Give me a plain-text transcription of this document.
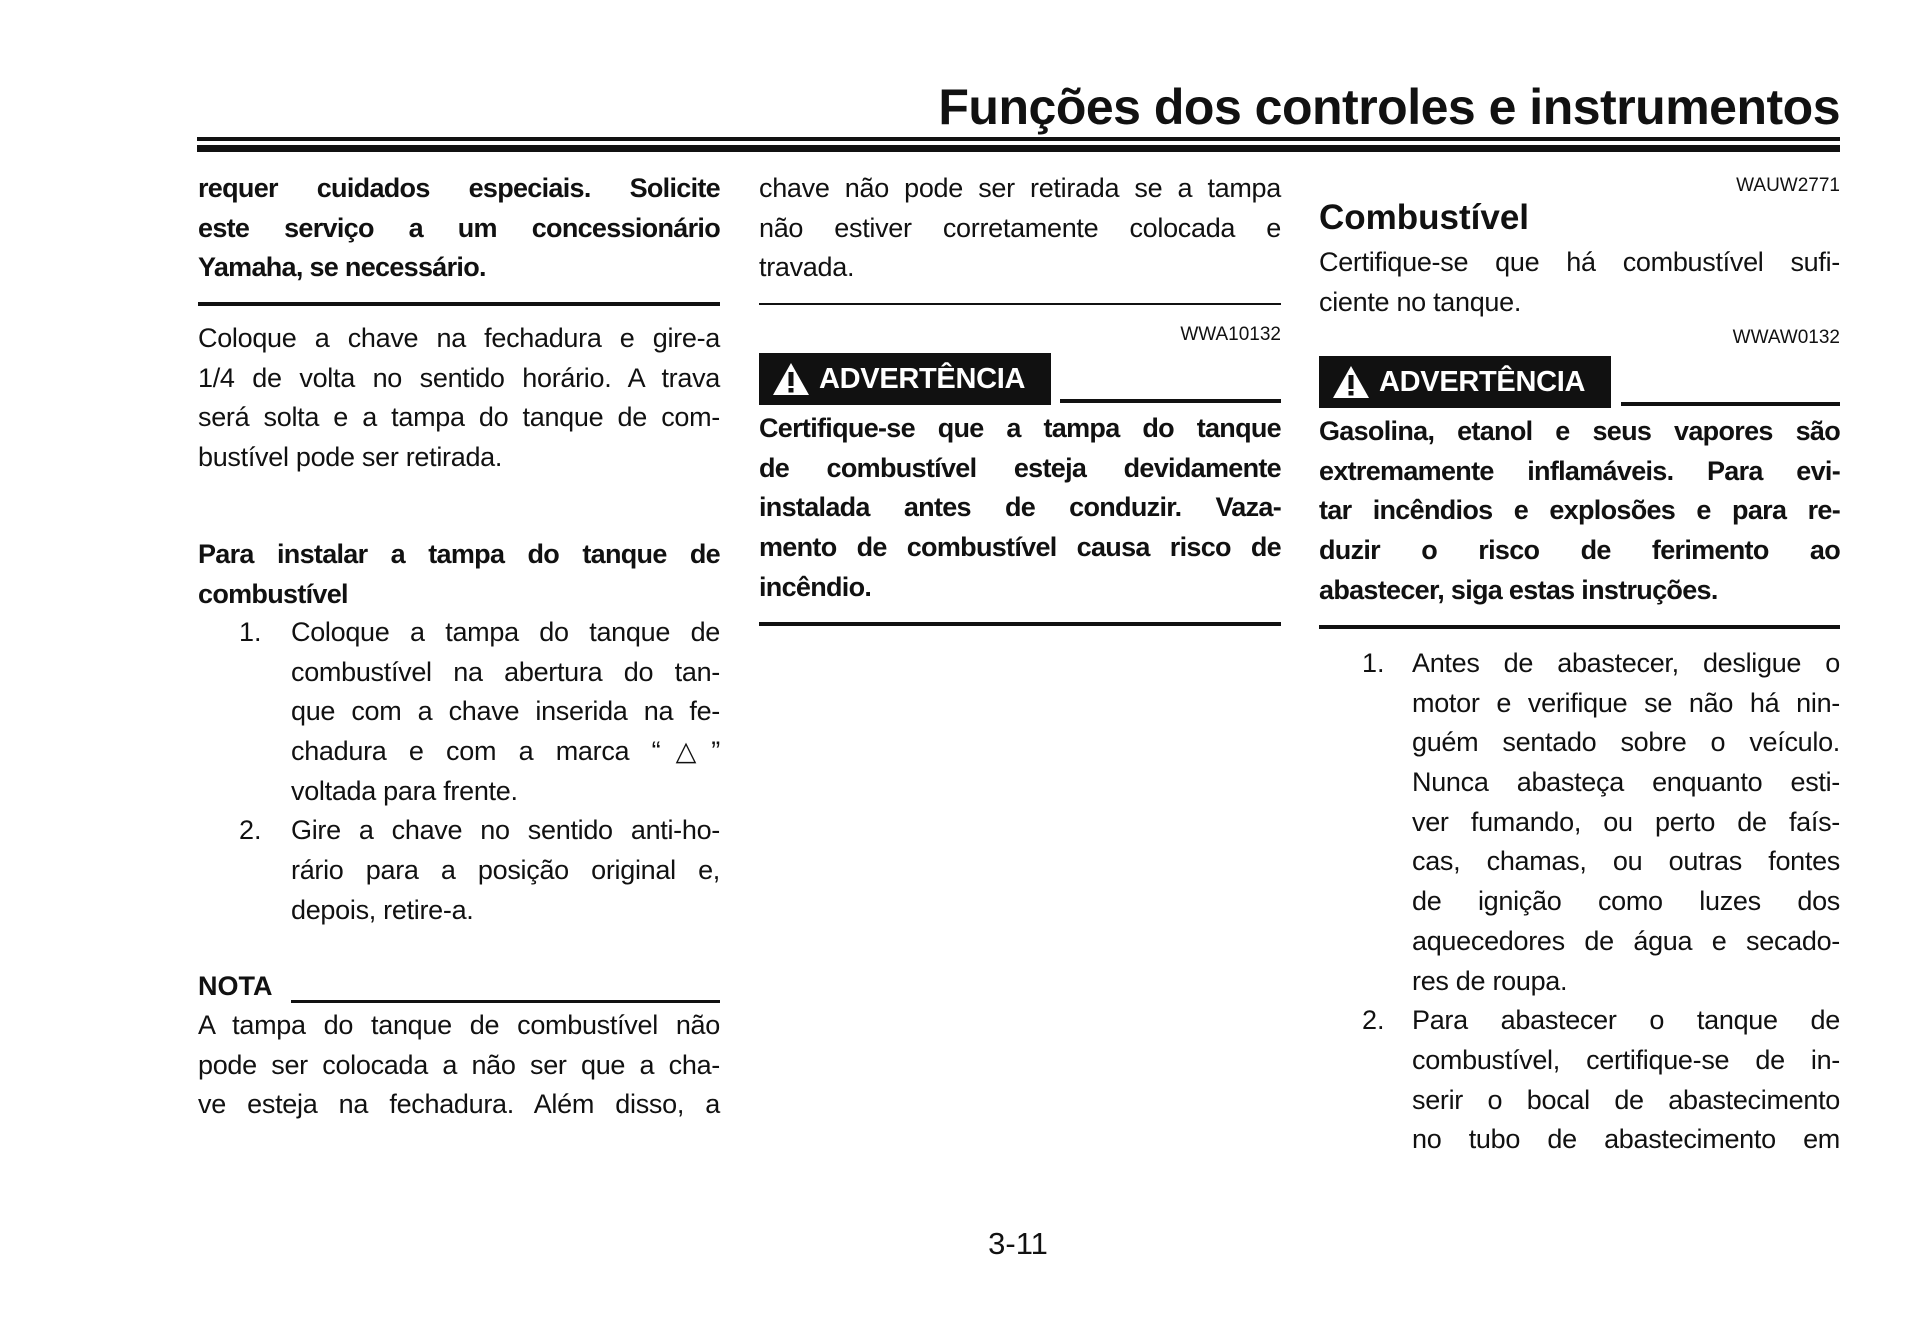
Funções dos controles e instrumentos
requer cuidados especiais. Solicite
este serviço a um concessionário
Yamaha, se necessário.
Coloque a chave na fechadura e gire-a
1/4 de volta no sentido horário. A trava
será solta e a tampa do tanque de com-
bustível pode ser retirada.
Para instalar a tampa do tanque de
combustível
1. Coloque a tampa do tanque de
combustível na abertura do tan-
que com a chave inserida na fe-
chadura e com a marca “△”
voltada para frente.
2. Gire a chave no sentido anti-ho-
rário para a posição original e,
depois, retire-a.
NOTA
A tampa do tanque de combustível não
pode ser colocada a não ser que a cha-
ve esteja na fechadura. Além disso, a
chave não pode ser retirada se a tampa
não estiver corretamente colocada e
travada.
WWA10132
ADVERTÊNCIA
Certifique-se que a tampa do tanque
de combustível esteja devidamente
instalada antes de conduzir. Vaza-
mento de combustível causa risco de
incêndio.
WAUW2771
Combustível
Certifique-se que há combustível sufi-
ciente no tanque.
WWAW0132
ADVERTÊNCIA
Gasolina, etanol e seus vapores são
extremamente inflamáveis. Para evi-
tar incêndios e explosões e para re-
duzir o risco de ferimento ao
abastecer, siga estas instruções.
1. Antes de abastecer, desligue o
motor e verifique se não há nin-
guém sentado sobre o veículo.
Nunca abasteça enquanto esti-
ver fumando, ou perto de faís-
cas, chamas, ou outras fontes
de ignição como luzes dos
aquecedores de água e secado-
res de roupa.
2. Para abastecer o tanque de
combustível, certifique-se de in-
serir o bocal de abastecimento
no tubo de abastecimento em
3-11
